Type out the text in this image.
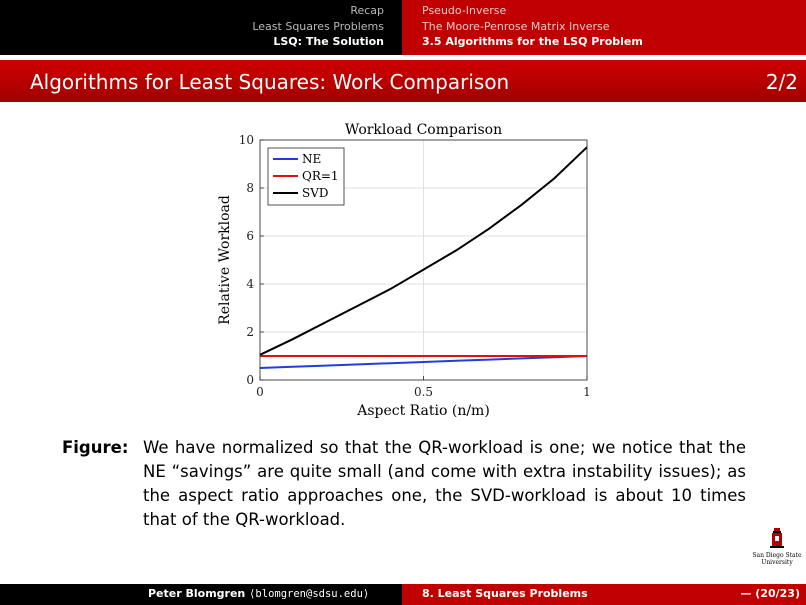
Recap
Least Squares Problems
LSQ: The Solution
Pseudo-Inverse
The Moore-Penrose Matrix Inverse
3.5 Algorithms for the LSQ Problem
Algorithms for Least Squares: Work Comparison	2/2
0	0.5	1
0
2
4
6
8
10
Workload Comparison
Aspect Ratio (n/m)
Relative Workload
NE
QR=1
SVD
Figure: We have normalized so that the QR-workload is one; we notice that the NE “savings” are quite small (and come with extra instability issues); as the aspect ratio approaches one, the SVD-workload is about 10 times that of the QR-workload.
San Diego State
University
Peter Blomgren ⟨blomgren@sdsu.edu⟩	8. Least Squares Problems	— (20/23)
